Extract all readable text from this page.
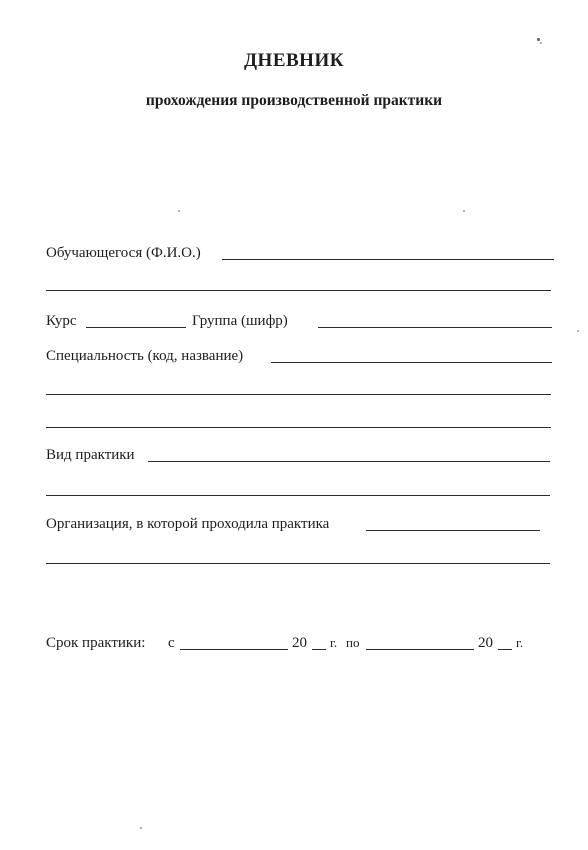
ДНЕВНИК
прохождения производственной практики
Обучающегося (Ф.И.О.)
Курс	Группа (шифр)
Специальность (код, название)
Вид практики
Организация, в которой проходила практика
Срок практики: с	20 г. по	20 г.
